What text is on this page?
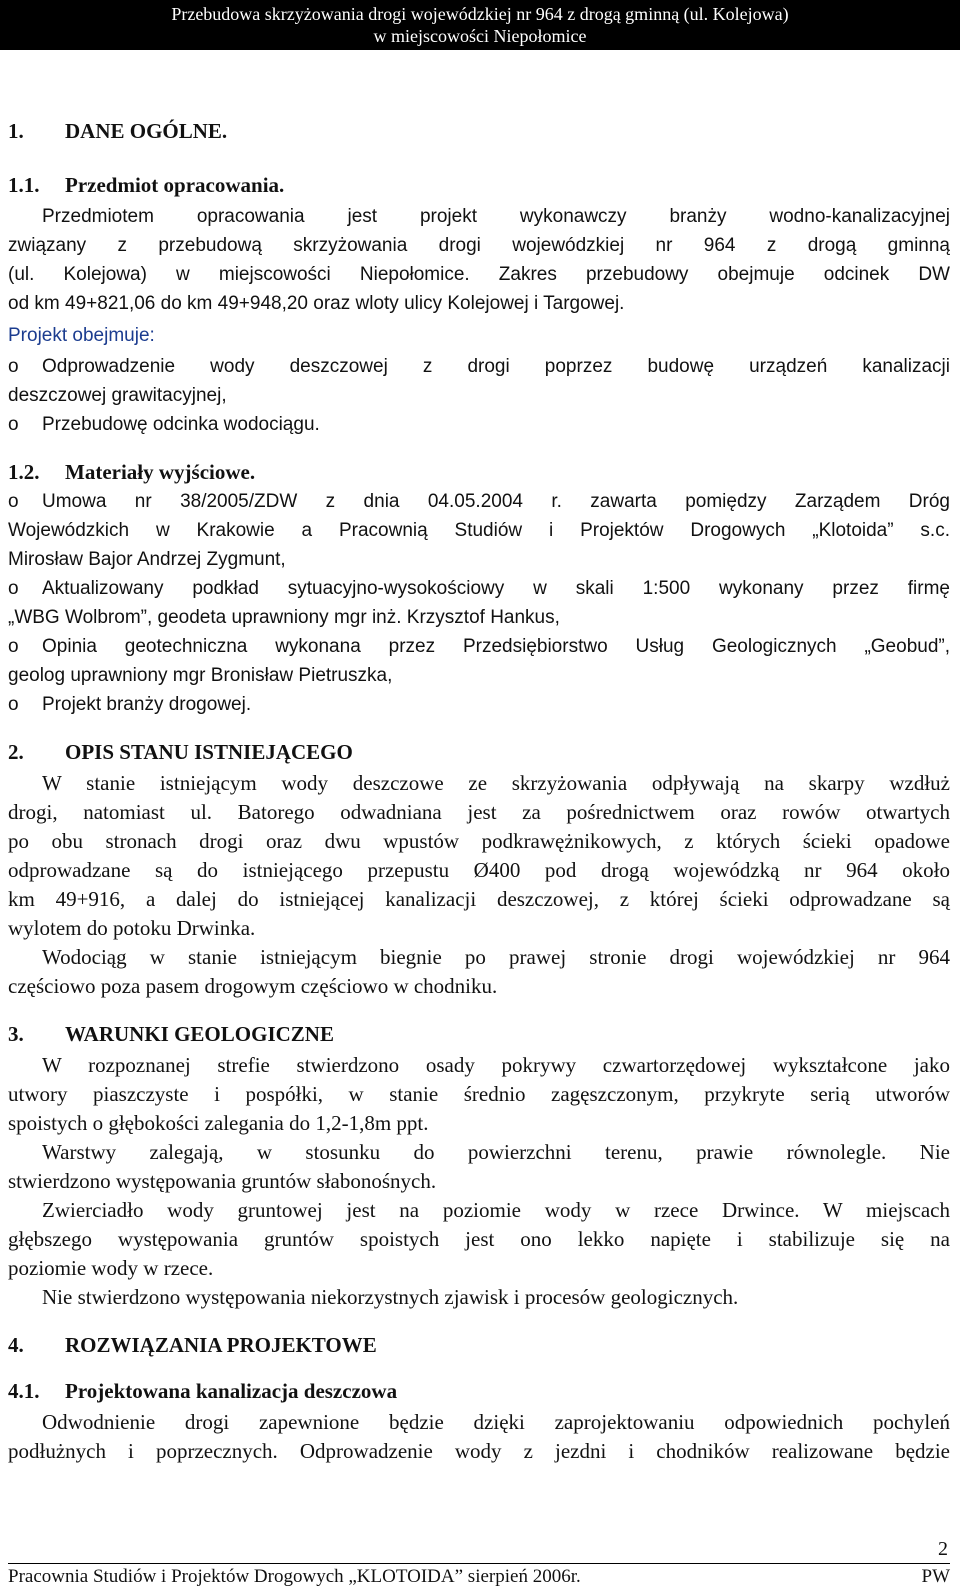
Przebudowa skrzyżowania drogi wojewódzkiej nr 964 z drogą gminną (ul. Kolejowa)
w miejscowości Niepołomice
1. DANE OGÓLNE.
1.1. Przedmiot opracowania.
Przedmiotem opracowania jest projekt wykonawczy branży wodno-kanalizacyjnej
związany z przebudową skrzyżowania drogi wojewódzkiej nr 964 z drogą gminną
(ul. Kolejowa) w miejscowości Niepołomice. Zakres przebudowy obejmuje odcinek DW
od km 49+821,06 do km 49+948,20 oraz wloty ulicy Kolejowej i Targowej.
Projekt obejmuje:
o Odprowadzenie wody deszczowej z drogi poprzez budowę urządzeń kanalizacji
deszczowej grawitacyjnej,
o Przebudowę odcinka wodociągu.
1.2. Materiały wyjściowe.
o Umowa nr 38/2005/ZDW z dnia 04.05.2004 r. zawarta pomiędzy Zarządem Dróg
Wojewódzkich w Krakowie a Pracownią Studiów i Projektów Drogowych „Klotoida” s.c.
Mirosław Bajor Andrzej Zygmunt,
o Aktualizowany podkład sytuacyjno-wysokościowy w skali 1:500 wykonany przez firmę
„WBG Wolbrom”, geodeta uprawniony mgr inż. Krzysztof Hankus,
o Opinia geotechniczna wykonana przez Przedsiębiorstwo Usług Geologicznych „Geobud”,
geolog uprawniony mgr Bronisław Pietruszka,
o Projekt branży drogowej.
2. OPIS STANU ISTNIEJĄCEGO
W stanie istniejącym wody deszczowe ze skrzyżowania odpływają na skarpy wzdłuż
drogi, natomiast ul. Batorego odwadniana jest za pośrednictwem oraz rowów otwartych
po obu stronach drogi oraz dwu wpustów podkrawężnikowych, z których ścieki opadowe
odprowadzane są do istniejącego przepustu Ø400 pod drogą wojewódzką nr 964 około
km 49+916, a dalej do istniejącej kanalizacji deszczowej, z której ścieki odprowadzane są
wylotem do potoku Drwinka.
Wodociąg w stanie istniejącym biegnie po prawej stronie drogi wojewódzkiej nr 964
częściowo poza pasem drogowym częściowo w chodniku.
3. WARUNKI GEOLOGICZNE
W rozpoznanej strefie stwierdzono osady pokrywy czwartorzędowej wykształcone jako
utwory piaszczyste i pospółki, w stanie średnio zagęszczonym, przykryte serią utworów
spoistych o głębokości zalegania do 1,2-1,8m ppt.
Warstwy zalegają, w stosunku do powierzchni terenu, prawie równolegle. Nie
stwierdzono występowania gruntów słabonośnych.
Zwierciadło wody gruntowej jest na poziomie wody w rzece Drwince. W miejscach
głębszego występowania gruntów spoistych jest ono lekko napięte i stabilizuje się na
poziomie wody w rzece.
Nie stwierdzono występowania niekorzystnych zjawisk i procesów geologicznych.
4. ROZWIĄZANIA PROJEKTOWE
4.1. Projektowana kanalizacja deszczowa
Odwodnienie drogi zapewnione będzie dzięki zaprojektowaniu odpowiednich pochyleń
podłużnych i poprzecznych. Odprowadzenie wody z jezdni i chodników realizowane będzie
2
Pracownia Studiów i Projektów Drogowych „KLOTOIDA” sierpień 2006r.	PW
